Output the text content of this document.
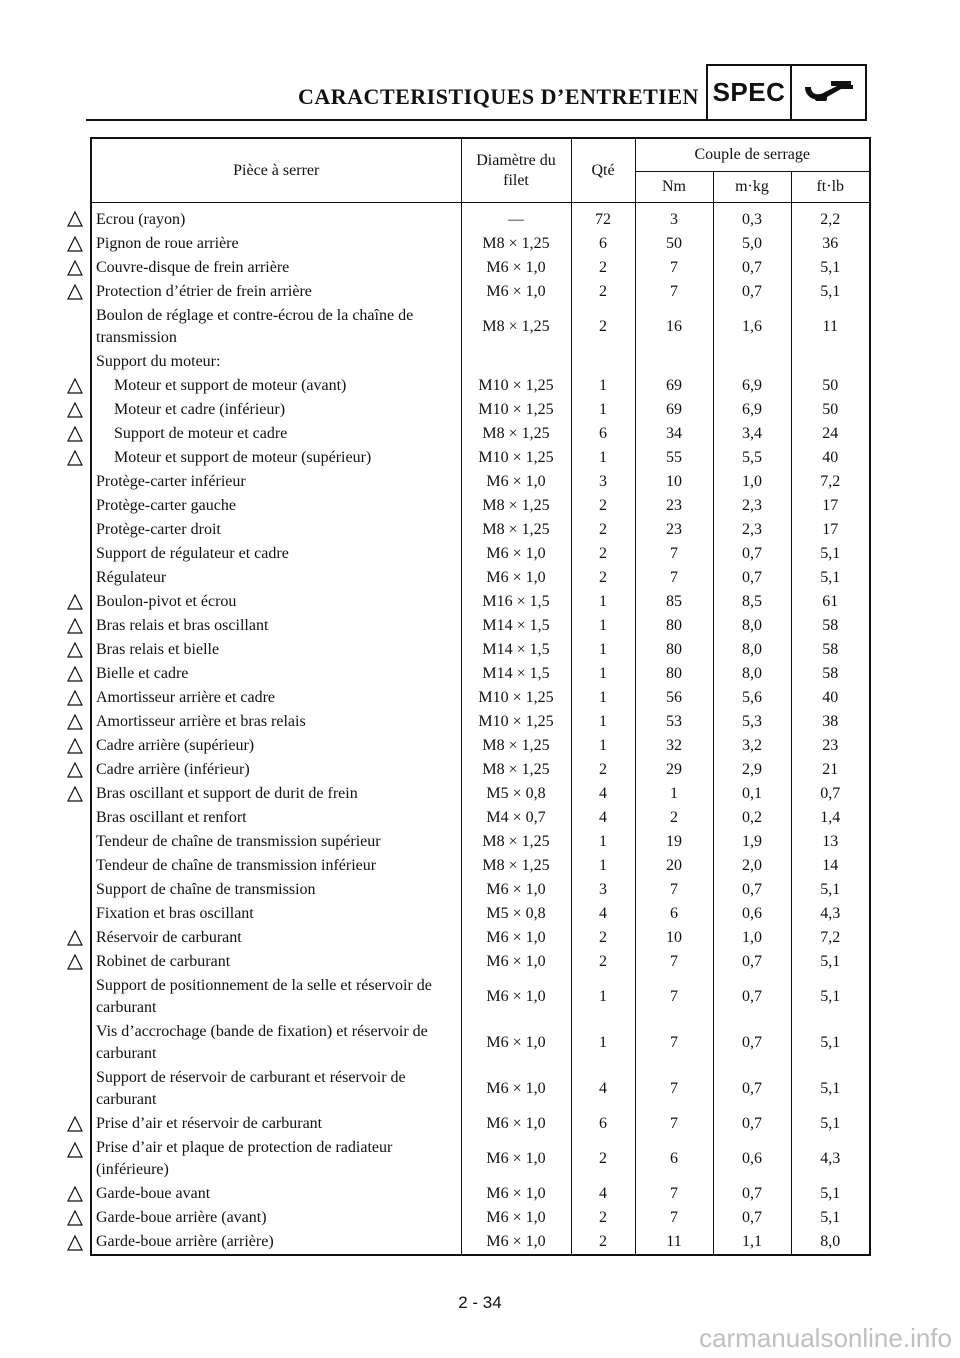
CARACTERISTIQUES D’ENTRETIEN SPEC
Pièce à serrer	Diamètre du filet	Qté	Couple de serrage		
			Nm	m·kg	ft·lb
Ecrou (rayon)	—	72	3	0,3	2,2
Pignon de roue arrière	M8 × 1,25	6	50	5,0	36
Couvre-disque de frein arrière	M6 × 1,0	2	7	0,7	5,1
Protection d’étrier de frein arrière	M6 × 1,0	2	7	0,7	5,1
Boulon de réglage et contre-écrou de la chaîne de transmission	M8 × 1,25	2	16	1,6	11
Support du moteur:					
Moteur et support de moteur (avant)	M10 × 1,25	1	69	6,9	50
Moteur et cadre (inférieur)	M10 × 1,25	1	69	6,9	50
Support de moteur et cadre	M8 × 1,25	6	34	3,4	24
Moteur et support de moteur (supérieur)	M10 × 1,25	1	55	5,5	40
Protège-carter inférieur	M6 × 1,0	3	10	1,0	7,2
Protège-carter gauche	M8 × 1,25	2	23	2,3	17
Protège-carter droit	M8 × 1,25	2	23	2,3	17
Support de régulateur et cadre	M6 × 1,0	2	7	0,7	5,1
Régulateur	M6 × 1,0	2	7	0,7	5,1
Boulon-pivot et écrou	M16 × 1,5	1	85	8,5	61
Bras relais et bras oscillant	M14 × 1,5	1	80	8,0	58
Bras relais et bielle	M14 × 1,5	1	80	8,0	58
Bielle et cadre	M14 × 1,5	1	80	8,0	58
Amortisseur arrière et cadre	M10 × 1,25	1	56	5,6	40
Amortisseur arrière et bras relais	M10 × 1,25	1	53	5,3	38
Cadre arrière (supérieur)	M8 × 1,25	1	32	3,2	23
Cadre arrière (inférieur)	M8 × 1,25	2	29	2,9	21
Bras oscillant et support de durit de frein	M5 × 0,8	4	1	0,1	0,7
Bras oscillant et renfort	M4 × 0,7	4	2	0,2	1,4
Tendeur de chaîne de transmission supérieur	M8 × 1,25	1	19	1,9	13
Tendeur de chaîne de transmission inférieur	M8 × 1,25	1	20	2,0	14
Support de chaîne de transmission	M6 × 1,0	3	7	0,7	5,1
Fixation et bras oscillant	M5 × 0,8	4	6	0,6	4,3
Réservoir de carburant	M6 × 1,0	2	10	1,0	7,2
Robinet de carburant	M6 × 1,0	2	7	0,7	5,1
Support de positionnement de la selle et réservoir de carburant	M6 × 1,0	1	7	0,7	5,1
Vis d’accrochage (bande de fixation) et réservoir de carburant	M6 × 1,0	1	7	0,7	5,1
Support de réservoir de carburant et réservoir de carburant	M6 × 1,0	4	7	0,7	5,1
Prise d’air et réservoir de carburant	M6 × 1,0	6	7	0,7	5,1
Prise d’air et plaque de protection de radiateur (inférieure)	M6 × 1,0	2	6	0,6	4,3
Garde-boue avant	M6 × 1,0	4	7	0,7	5,1
Garde-boue arrière (avant)	M6 × 1,0	2	7	0,7	5,1
Garde-boue arrière (arrière)	M6 × 1,0	2	11	1,1	8,0
2 - 34
carmanualsonline.info
